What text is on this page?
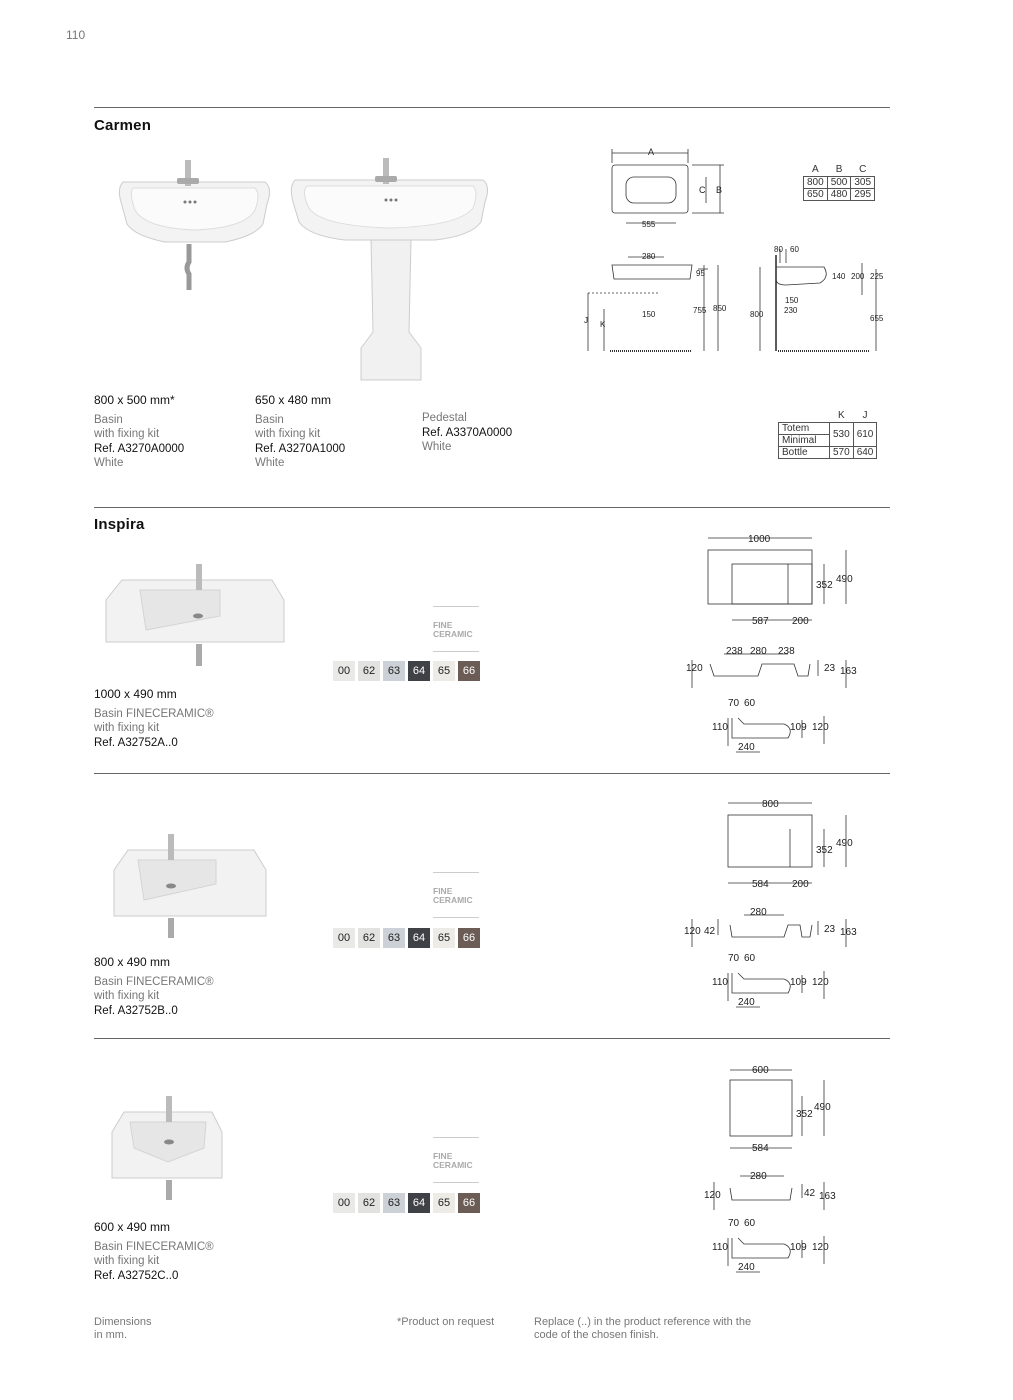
110
Carmen
A
C B
555
280
95
150	755 850
J K
80 60
140 200 225
150
230
800	655
A	B	C
800	500	305
650	480	295
800 x 500 mm*
Basin
with fixing kit
Ref. A3270A0000
White
650 x 480 mm
Basin
with fixing kit
Ref. A3270A1000
White
Pedestal
Ref. A3370A0000
White
	K	J
Totem	530	610
Minimal		
Bottle	570	640
Inspira
FINE
CERAMIC
00	62	63	64	65	66
1000 x 490 mm
Basin FINECERAMIC®
with fixing kit
Ref. A32752A..0
1000
352
490
587 200
238 280 238
120	23 163
70 60
110	109 120
240
FINE
CERAMIC
00	62	63	64	65	66
800 x 490 mm
Basin FINECERAMIC®
with fixing kit
Ref. A32752B..0
800
352
490
584 200
280
120 42	23 163
70 60
110	109 120
240
FINE
CERAMIC
00	62	63	64	65	66
600 x 490 mm
Basin FINECERAMIC®
with fixing kit
Ref. A32752C..0
600
352
490
584
280
120	42 163
70 60
110	109 120
240
Dimensions
in mm.
*Product on request	Replace (..) in the product reference with the
code of the chosen finish.
